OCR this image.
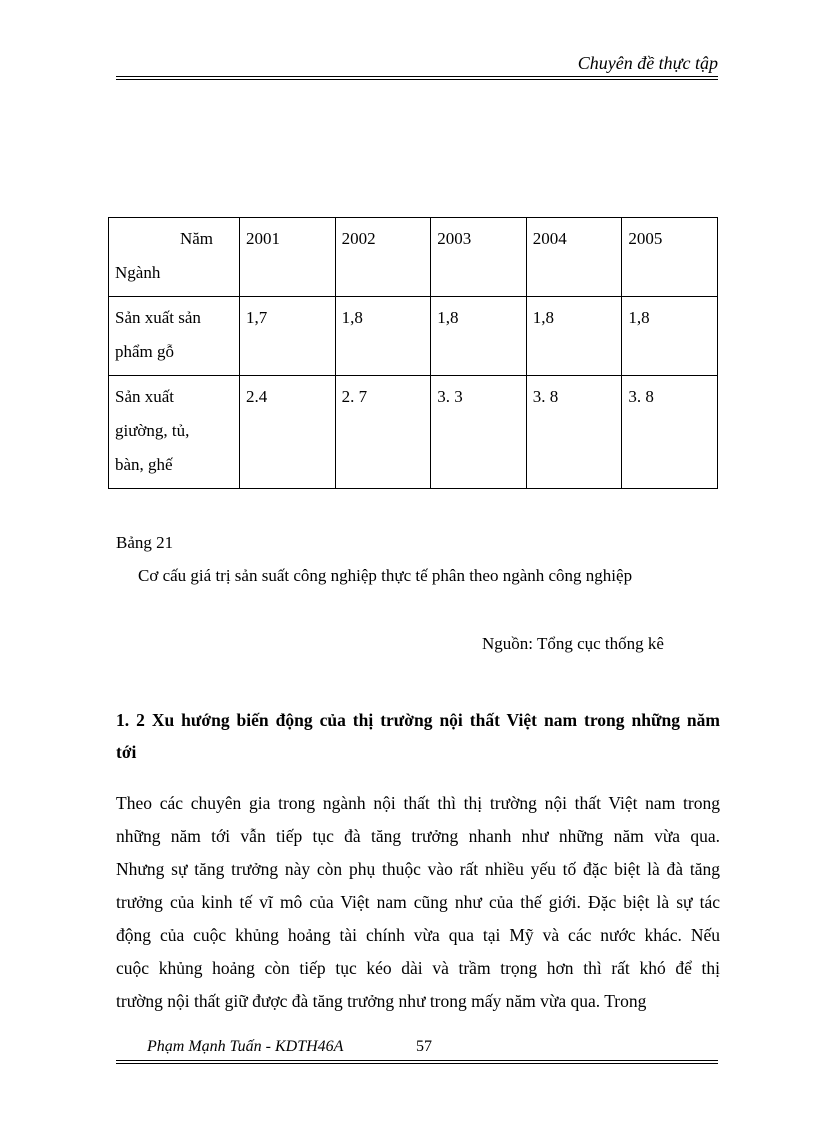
Chuyên đề thực tập
Năm
Ngành	2001	2002	2003	2004	2005

Sản xuất sản
phẩm gỗ	1,7	1,8	1,8	1,8	1,8

Sản xuất
giường, tủ,
bàn, ghế	2.4	2. 7	3. 3	3. 8	3. 8
Bảng 21
Cơ cấu giá trị sản suất công nghiệp thực tế phân theo ngành công nghiệp
Nguồn: Tổng cục thống kê
1. 2 Xu hướng biến động của thị trường nội thất Việt nam trong những năm
tới
Theo các chuyên gia trong ngành nội thất thì thị trường nội thất Việt nam trong
những năm tới vẫn tiếp tục đà tăng trưởng nhanh như những năm vừa qua.
Nhưng sự tăng trưởng này còn phụ thuộc vào rất nhiều yếu tố đặc biệt là đà tăng
trưởng của kinh tế vĩ mô của Việt nam cũng như của thế giới. Đặc biệt là sự tác
động của cuộc khủng hoảng tài chính vừa qua tại Mỹ và các nước khác. Nếu
cuộc khủng hoảng còn tiếp tục kéo dài và trầm trọng hơn thì rất khó để thị
trường nội thất giữ được đà tăng trưởng như trong mấy năm vừa qua. Trong
Phạm Mạnh Tuấn - KDTH46A	57
